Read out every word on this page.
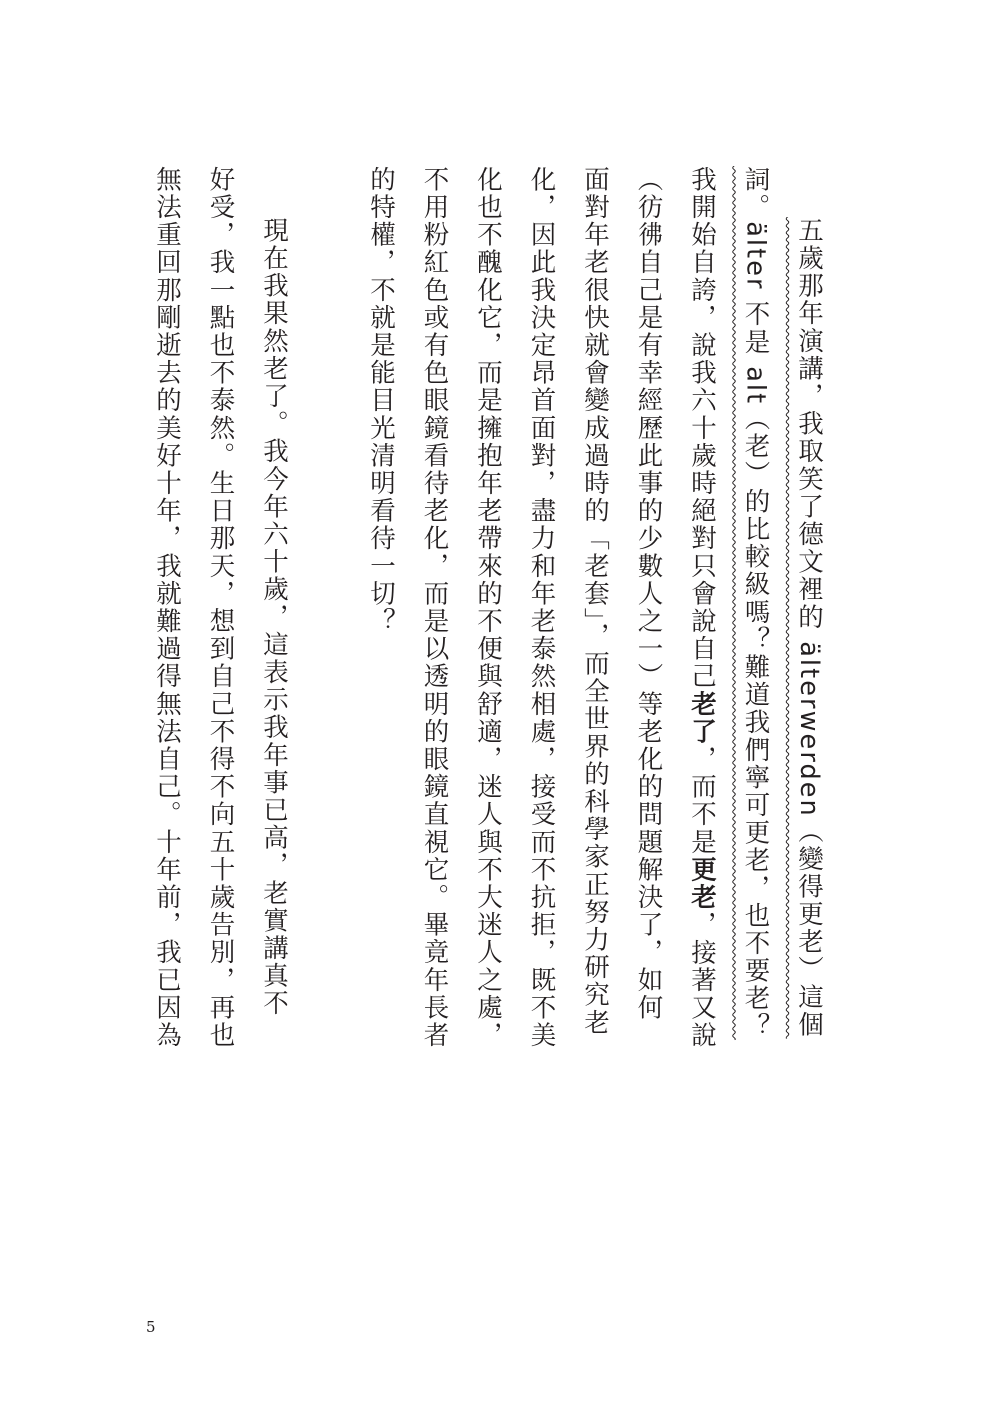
五歲那年演講，我取笑了德文裡的 älterwerden（變得更老）這個
詞。älter 不是 alt（老）的比較級嗎？難道我們寧可更老，也不要老？
我開始自誇，說我六十歲時絕對只會說自己老了，而不是更老，接著又說
（彷彿自己是有幸經歷此事的少數人之一）等老化的問題解決了，如何
面對年老很快就會變成過時的「老套」，而全世界的科學家正努力研究老
化，因此我決定昂首面對，盡力和年老泰然相處，接受而不抗拒，既不美
化也不醜化它，而是擁抱年老帶來的不便與舒適，迷人與不大迷人之處，
不用粉紅色或有色眼鏡看待老化，而是以透明的眼鏡直視它。畢竟年長者
的特權，不就是能目光清明看待一切？
現在我果然老了。我今年六十歲，這表示我年事已高，老實講真不
好受，我一點也不泰然。生日那天，想到自己不得不向五十歲告別，再也
無法重回那剛逝去的美好十年，我就難過得無法自己。十年前，我已因為
5
